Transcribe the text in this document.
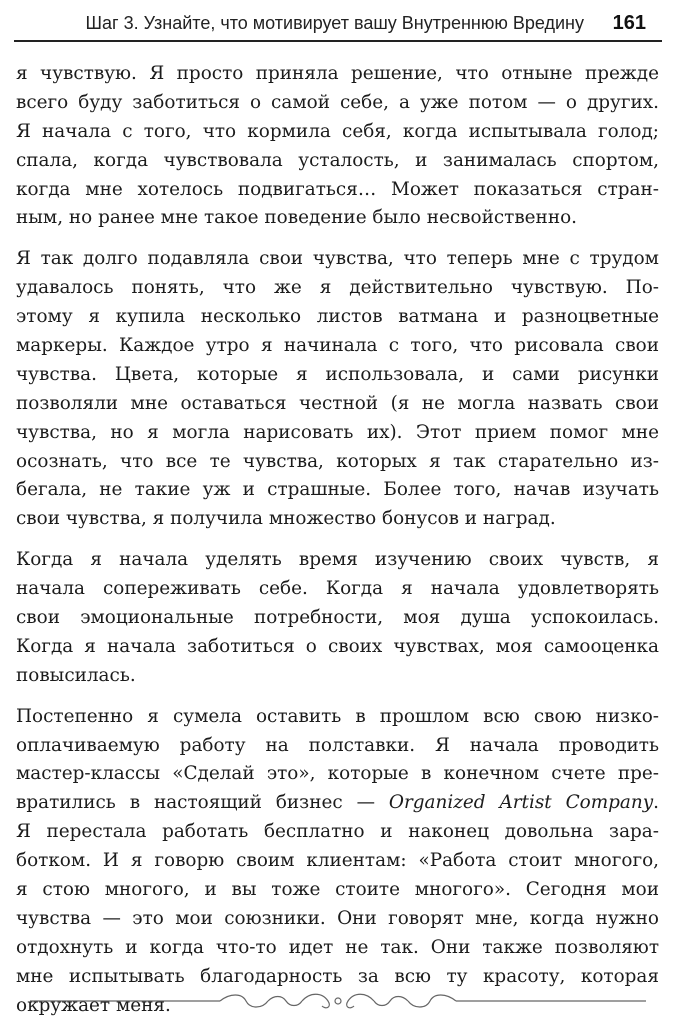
Шаг 3. Узнайте, что мотивирует вашу Внутреннюю Вредину 161

я чувствую. Я просто приняла решение, что отныне прежде
всего буду заботиться о самой себе, а уже потом — о других.
Я начала с того, что кормила себя, когда испытывала голод;
спала, когда чувствовала усталость, и занималась спортом,
когда мне хотелось подвигаться… Может показаться стран-
ным, но ранее мне такое поведение было несвойственно.

Я так долго подавляла свои чувства, что теперь мне с трудом
удавалось понять, что же я действительно чувствую. По-
этому я купила несколько листов ватмана и разноцветные
маркеры. Каждое утро я начинала с того, что рисовала свои
чувства. Цвета, которые я использовала, и сами рисунки
позволяли мне оставаться честной (я не могла назвать свои
чувства, но я могла нарисовать их). Этот прием помог мне
осознать, что все те чувства, которых я так старательно из-
бегала, не такие уж и страшные. Более того, начав изучать
свои чувства, я получила множество бонусов и наград.

Когда я начала уделять время изучению своих чувств, я
начала сопереживать себе. Когда я начала удовлетворять
свои эмоциональные потребности, моя душа успокоилась.
Когда я начала заботиться о своих чувствах, моя самооценка
повысилась.

Постепенно я сумела оставить в прошлом всю свою низко-
оплачиваемую работу на полставки. Я начала проводить
мастер-классы «Сделай это», которые в конечном счете пре-
вратились в настоящий бизнес — Organized Artist Company.
Я перестала работать бесплатно и наконец довольна зара-
ботком. И я говорю своим клиентам: «Работа стоит многого,
я стою многого, и вы тоже стоите многого». Сегодня мои
чувства — это мои союзники. Они говорят мне, когда нужно
отдохнуть и когда что-то идет не так. Они также позволяют
мне испытывать благодарность за всю ту красоту, которая
окружает меня.
